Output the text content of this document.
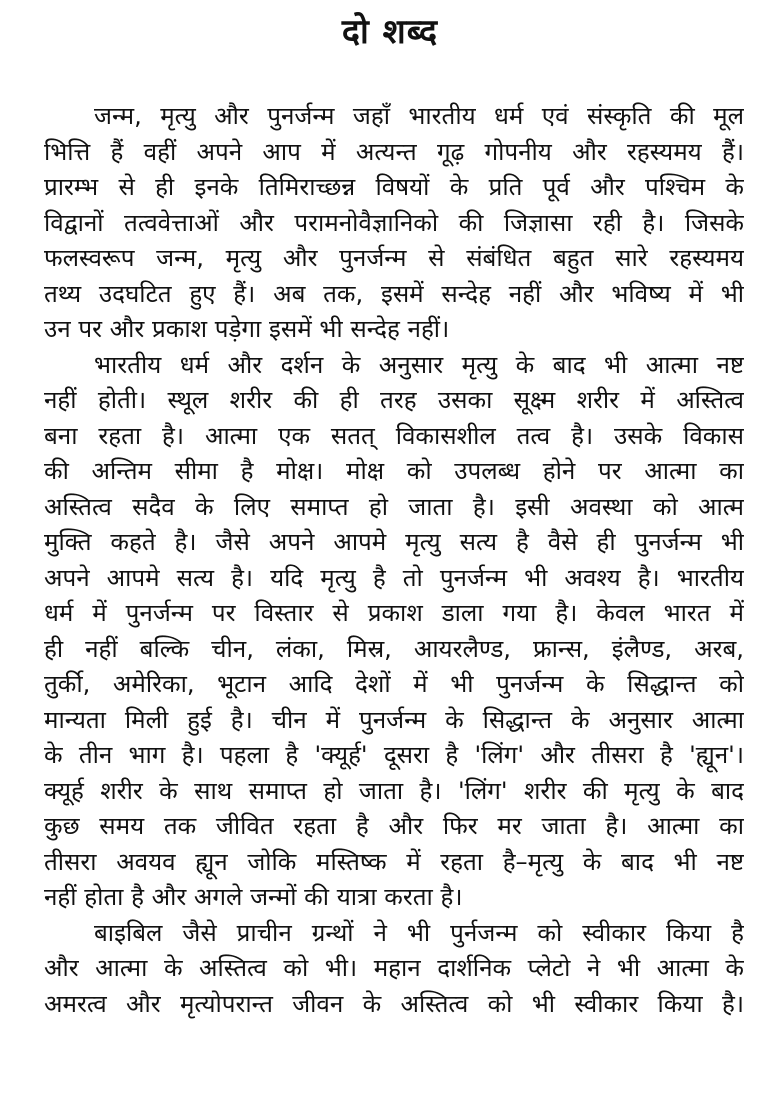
दो शब्द
जन्म, मृत्यु और पुनर्जन्म जहाँ भारतीय धर्म एवं संस्कृति की मूल
भित्ति हैं वहीं अपने आप में अत्यन्त गूढ़ गोपनीय और रहस्यमय हैं।
प्रारम्भ से ही इनके तिमिराच्छन्न विषयों के प्रति पूर्व और पश्चिम के
विद्वानों तत्ववेत्ताओं और परामनोवैज्ञानिको की जिज्ञासा रही है। जिसके
फलस्वरूप जन्म, मृत्यु और पुनर्जन्म से संबंधित बहुत सारे रहस्यमय
तथ्य उदघटित हुए हैं। अब तक, इसमें सन्देह नहीं और भविष्य में भी
उन पर और प्रकाश पड़ेगा इसमें भी सन्देह नहीं।
भारतीय धर्म और दर्शन के अनुसार मृत्यु के बाद भी आत्मा नष्ट
नहीं होती। स्थूल शरीर की ही तरह उसका सूक्ष्म शरीर में अस्तित्व
बना रहता है। आत्मा एक सतत् विकासशील तत्व है। उसके विकास
की अन्तिम सीमा है मोक्ष। मोक्ष को उपलब्ध होने पर आत्मा का
अस्तित्व सदैव के लिए समाप्त हो जाता है। इसी अवस्था को आत्म
मुक्ति कहते है। जैसे अपने आपमे मृत्यु सत्य है वैसे ही पुनर्जन्म भी
अपने आपमे सत्य है। यदि मृत्यु है तो पुनर्जन्म भी अवश्य है। भारतीय
धर्म में पुनर्जन्म पर विस्तार से प्रकाश डाला गया है। केवल भारत में
ही नहीं बल्कि चीन, लंका, मिस्र, आयरलैण्ड, फ्रान्स, इंलैण्ड, अरब,
तुर्की, अमेरिका, भूटान आदि देशों में भी पुनर्जन्म के सिद्धान्त को
मान्यता मिली हुई है। चीन में पुनर्जन्म के सिद्धान्त के अनुसार आत्मा
के तीन भाग है। पहला है 'क्यूर्ह' दूसरा है 'लिंग' और तीसरा है 'ह्यून'।
क्यूर्ह शरीर के साथ समाप्त हो जाता है। 'लिंग' शरीर की मृत्यु के बाद
कुछ समय तक जीवित रहता है और फिर मर जाता है। आत्मा का
तीसरा अवयव ह्यून जोकि मस्तिष्क में रहता है–मृत्यु के बाद भी नष्ट
नहीं होता है और अगले जन्मों की यात्रा करता है।
बाइबिल जैसे प्राचीन ग्रन्थों ने भी पुर्नजन्म को स्वीकार किया है
और आत्मा के अस्तित्व को भी। महान दार्शनिक प्लेटो ने भी आत्मा के
अमरत्व और मृत्योपरान्त जीवन के अस्तित्व को भी स्वीकार किया है।
